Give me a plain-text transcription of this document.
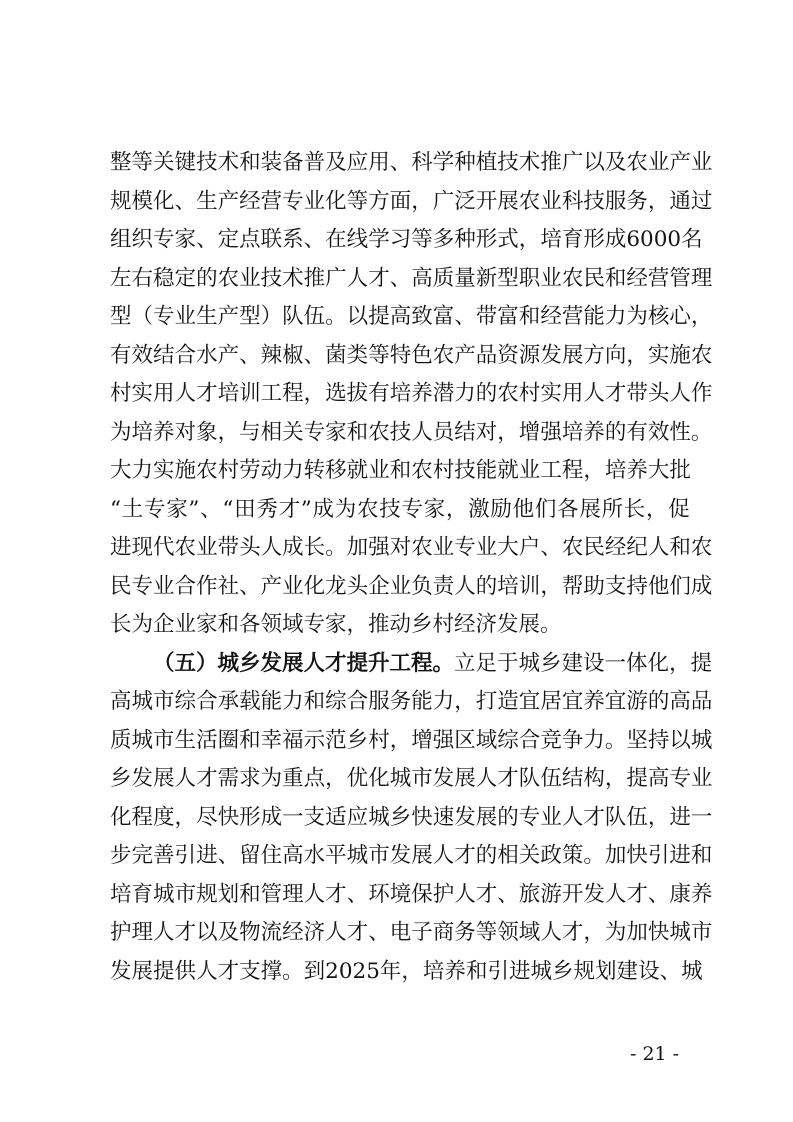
整 等 关 键 技 术 和 装 备 普 及 应 用 、 科 学 种 植 技 术 推 广 以 及 农 业 产 业
规 模 化 、 生 产 经 营 专 业 化 等 方 面 ， 广 泛 开 展 农 业 科 技 服 务 ， 通 过
组 织 专 家 、 定 点 联 系 、 在 线 学 习 等 多 种 形 式 ， 培 育 形 成 6000 名
左 右 稳 定 的 农 业 技 术 推 广 人 才 、 高 质 量 新 型 职 业 农 民 和 经 营 管 理
型 （ 专 业 生 产 型 ） 队 伍 。 以 提 高 致 富 、 带 富 和 经 营 能 力 为 核 心 ，
有 效 结 合 水 产 、 辣 椒 、 菌 类 等 特 色 农 产 品 资 源 发 展 方 向 ， 实 施 农
村 实 用 人 才 培 训 工 程 ， 选 拔 有 培 养 潜 力 的 农 村 实 用 人 才 带 头 人 作
为 培 养 对 象 ， 与 相 关 专 家 和 农 技 人 员 结 对 ， 增 强 培 养 的 有 效 性 。
大 力 实 施 农 村 劳 动 力 转 移 就 业 和 农 村 技 能 就 业 工 程 ， 培 养 大 批
“ 土 专 家 ” 、 “ 田 秀 才 ” 成 为 农 技 专 家 ， 激 励 他 们 各 展 所 长 ， 促
进 现 代 农 业 带 头 人 成 长 。 加 强 对 农 业 专 业 大 户 、 农 民 经 纪 人 和 农
民 专 业 合 作 社 、 产 业 化 龙 头 企 业 负 责 人 的 培 训 ， 帮 助 支 持 他 们 成
长为企业家和各领域专家，推动乡村经济发展。
（五）城乡发展人才提升工程。 立足于城乡建设一体化，提
高 城 市 综 合 承 载 能 力 和 综 合 服 务 能 力 ， 打 造 宜 居 宜 养 宜 游 的 高 品
质 城 市 生 活 圈 和 幸 福 示 范 乡 村 ， 增 强 区 域 综 合 竞 争 力 。 坚 持 以 城
乡 发 展 人 才 需 求 为 重 点 ， 优 化 城 市 发 展 人 才 队 伍 结 构 ， 提 高 专 业
化 程 度 ， 尽 快 形 成 一 支 适 应 城 乡 快 速 发 展 的 专 业 人 才 队 伍 ， 进 一
步 完 善 引 进 、 留 住 高 水 平 城 市 发 展 人 才 的 相 关 政 策 。 加 快 引 进 和
培 育 城 市 规 划 和 管 理 人 才 、 环 境 保 护 人 才 、 旅 游 开 发 人 才 、 康 养
护 理 人 才 以 及 物 流 经 济 人 才 、 电 子 商 务 等 领 域 人 才 ， 为 加 快 城 市
发 展 提 供 人 才 支 撑 。 到 2025 年 ， 培 养 和 引 进 城 乡 规 划 建 设 、 城
- 21 -
